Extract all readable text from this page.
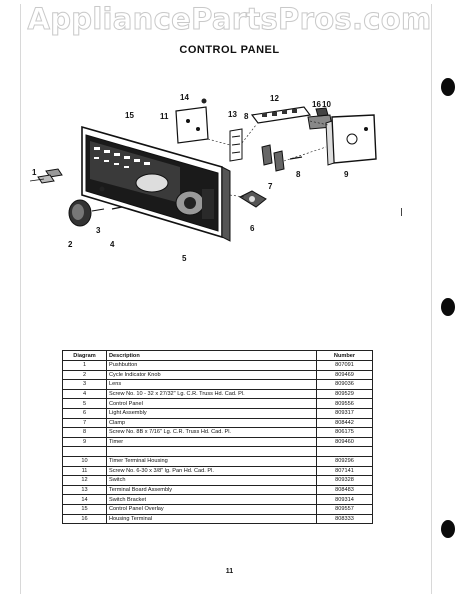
AppliancePartsPros.com
CONTROL PANEL
15
14
11	13 8
12
16 10
1
3
2	4
5
6
7
9
8
Diagram	Description	Number
1	Pushbutton	807091
2	Cycle Indicator Knob	809469
3	Lens	809036
4	Screw No. 10 - 32 x 27/32" Lg. C.R. Truss Hd. Cad. Pl.	809529
5	Control Panel	809556
6	Light Assembly	809317
7	Clamp	808442
8	Screw No. 8B x 7/16" Lg. C.R. Truss Hd. Cad. Pl.	806175
9	Timer	809460

10	Timer Terminal Housing	809296
11	Screw No. 6-30 x 3/8" lg. Pan Hd. Cad. Pl.	807141
12	Switch	809328
13	Terminal Board Assembly	808483
14	Switch Bracket	809314
15	Control Panel Overlay	809557
16	Housing Terminal	808333
11
